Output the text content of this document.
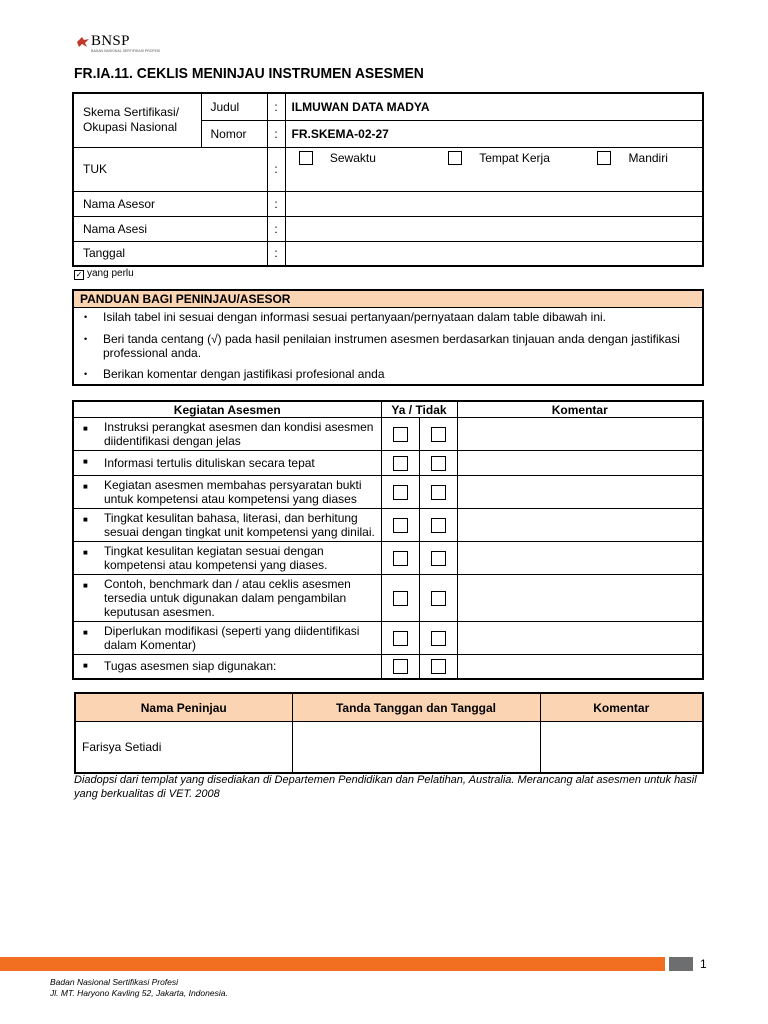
BNSP
BADAN NASIONAL SERTIFIKASI PROFESI
FR.IA.11. CEKLIS MENINJAU INSTRUMEN ASESMEN
Skema Sertifikasi/ Okupasi Nasional	Judul	:	ILMUWAN DATA MADYA
	Nomor	:	FR.SKEMA-02-27
TUK		:	Sewaktu Tempat Kerja Mandiri
Nama Asesor		:	
Nama Asesi		:	
Tanggal		:	
✓ yang perlu
PANDUAN BAGI PENINJAU/ASESOR
• Isilah tabel ini sesuai dengan informasi sesuai pertanyaan/pernyataan dalam table dibawah ini.
• Beri tanda centang (√) pada hasil penilaian instrumen asesmen berdasarkan tinjauan anda dengan jastifikasi professional anda.
• Berikan komentar dengan jastifikasi profesional anda
Kegiatan Asesmen	Ya / Tidak		Komentar

■ Instruksi perangkat asesmen dan kondisi asesmen diidentifikasi dengan jelas			

■ Informasi tertulis dituliskan secara tepat			

■ Kegiatan asesmen membahas persyaratan bukti untuk kompetensi atau kompetensi yang diases			

■ Tingkat kesulitan bahasa, literasi, dan berhitung sesuai dengan tingkat unit kompetensi yang dinilai.			

■ Tingkat kesulitan kegiatan sesuai dengan kompetensi atau kompetensi yang diases.			

■ Contoh, benchmark dan / atau ceklis asesmen tersedia untuk digunakan dalam pengambilan keputusan asesmen.			

■ Diperlukan modifikasi (seperti yang diidentifikasi dalam Komentar)			

■ Tugas asesmen siap digunakan:			
Nama Peninjau	Tanda Tanggan dan Tanggal	Komentar
Farisya Setiadi		
Diadopsi dari templat yang disediakan di Departemen Pendidikan dan Pelatihan, Australia. Merancang alat asesmen untuk hasil yang berkualitas di VET. 2008
1
Badan Nasional Sertifikasi Profesi
Jl. MT. Haryono Kavling 52, Jakarta, Indonesia.
